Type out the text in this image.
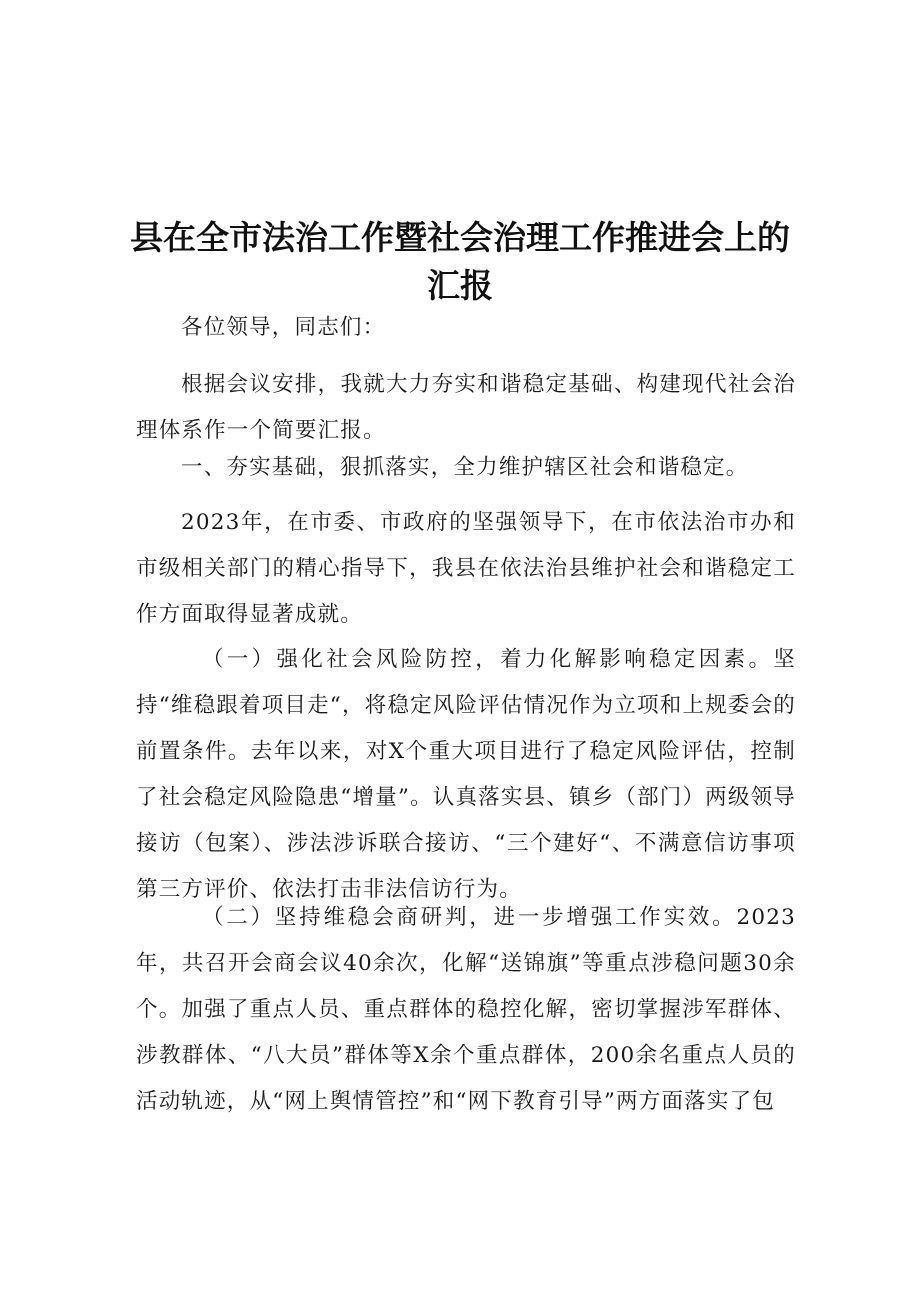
县在全市法治工作暨社会治理工作推进会上的
汇报
各位领导，同志们：
根据会议安排，我就大力夯实和谐稳定基础、构建现代社会治理体系作一个简要汇报。
一、夯实基础，狠抓落实，全力维护辖区社会和谐稳定。
2023年，在市委、市政府的坚强领导下，在市依法治市办和市级相关部门的精心指导下，我县在依法治县维护社会和谐稳定工作方面取得显著成就。
（一）强化社会风险防控，着力化解影响稳定因素。坚持“维稳跟着项目走“，将稳定风险评估情况作为立项和上规委会的前置条件。去年以来，对X个重大项目进行了稳定风险评估，控制了社会稳定风险隐患“增量”。认真落实县、镇乡（部门）两级领导接访（包案）、涉法涉诉联合接访、“三个建好“、不满意信访事项第三方评价、依法打击非法信访行为。
（二）坚持维稳会商研判，进一步增强工作实效。2023年，共召开会商会议40余次，化解“送锦旗”等重点涉稳问题30余个。加强了重点人员、重点群体的稳控化解，密切掌握涉军群体、涉教群体、“八大员”群体等X余个重点群体，200余名重点人员的活动轨迹，从“网上舆情管控”和“网下教育引导”两方面落实了包
